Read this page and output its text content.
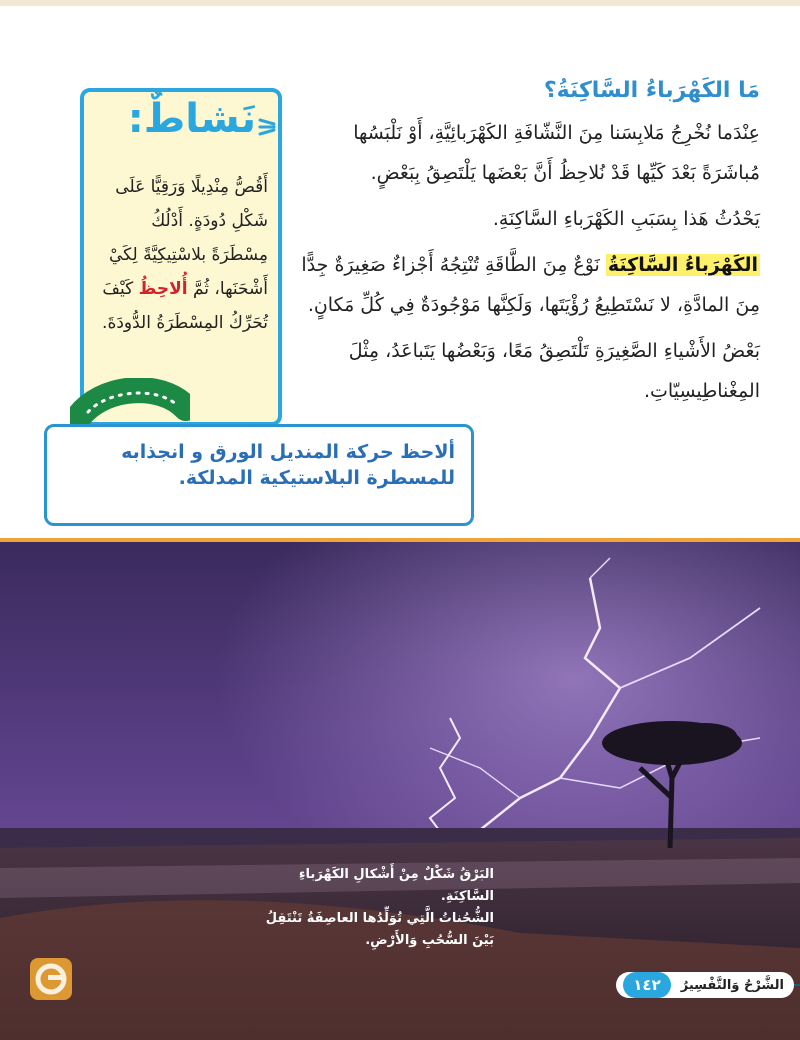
مَا الكَهْرَباءُ السَّاكِنَةُ؟

عِنْدَما نُخْرِجُ مَلابِسَنا مِنَ النَّشّافَةِ الكَهْرَبائِيَّةِ، أَوْ نَلْبَسُها مُباشَرَةً بَعْدَ كَيِّها قَدْ نُلاحِظُ أَنَّ بَعْضَها يَلْتَصِقُ بِبَعْضٍ.

يَحْدُثُ هَذا بِسَبَبِ الكَهْرَباءِ السَّاكِنَةِ.

الكَهْرَباءُ السَّاكِنَةُ نَوْعٌ مِنَ الطَّاقَةِ تُنْتِجُهُ أَجْزاءٌ صَغِيرَةٌ جِدًّا مِنَ المادَّةِ، لا نَسْتَطِيعُ رُؤْيَتَها، وَلَكِنَّها مَوْجُودَةٌ فِي كُلِّ مَكانٍ.

بَعْضُ الأَشْياءِ الصَّغِيرَةِ تَلْتَصِقُ مَعًا، وَبَعْضُها يَتَباعَدُ، مِثْلَ المِغْناطِيسِيّاتِ.

نَشاطٌ:
أَقُصُّ مِنْدِيلًا وَرَقِيًّا عَلَى شَكْلِ دُودَةٍ. أَدْلُكُ مِسْطَرَةً بلاسْتِيكِيَّةً لِكَيْ أَشْحَنَها، ثُمَّ أُلاحِظُ كَيْفَ تُحَرِّكُ المِسْطَرَةُ الدُّودَةَ.
ألاحظ حركة المنديل الورق و انجذابه للمسطرة البلاستيكية المدلكة.
البَرْقُ شَكْلٌ مِنْ أَشْكالِ الكَهْرَباءِ السَّاكِنَةِ.
الشُّحُناتُ الَّتِي تُوَلِّدُها العاصِفَةُ تَنْتَقِلُ
بَيْنَ السُّحُبِ وَالأَرْضِ.
الشَّرْحُ وَالتَّفْسِيرُ
١٤٢
